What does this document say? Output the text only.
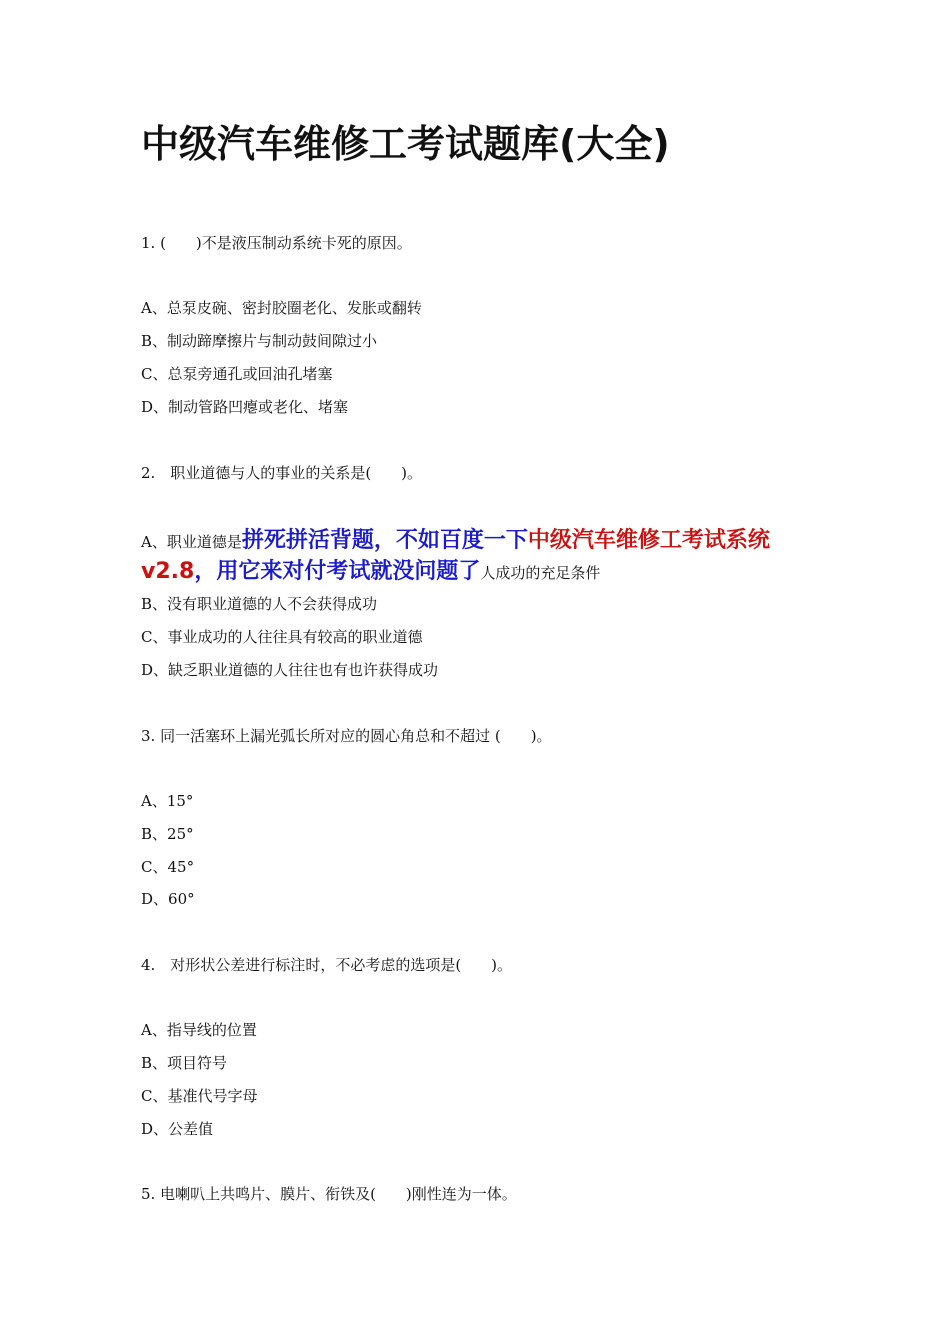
中级汽车维修工考试题库(大全)
1. (　　)不是液压制动系统卡死的原因。
A、总泵皮碗、密封胶圈老化、发胀或翻转
B、制动蹄摩擦片与制动鼓间隙过小
C、总泵旁通孔或回油孔堵塞
D、制动管路凹瘪或老化、堵塞
2.　职业道德与人的事业的关系是(　　)。
A、职业道德是拼死拼活背题，不如百度一下中级汽车维修工考试系统v2.8，用它来对付考试就没问题了人成功的充足条件
B、没有职业道德的人不会获得成功
C、事业成功的人往往具有较高的职业道德
D、缺乏职业道德的人往往也有也许获得成功
3. 同一活塞环上漏光弧长所对应的圆心角总和不超过 (　　)。
A、15°
B、25°
C、45°
D、60°
4.　对形状公差进行标注时，不必考虑的选项是(　　)。
A、指导线的位置
B、项目符号
C、基准代号字母
D、公差值
5. 电喇叭上共鸣片、膜片、衔铁及(　　)刚性连为一体。
